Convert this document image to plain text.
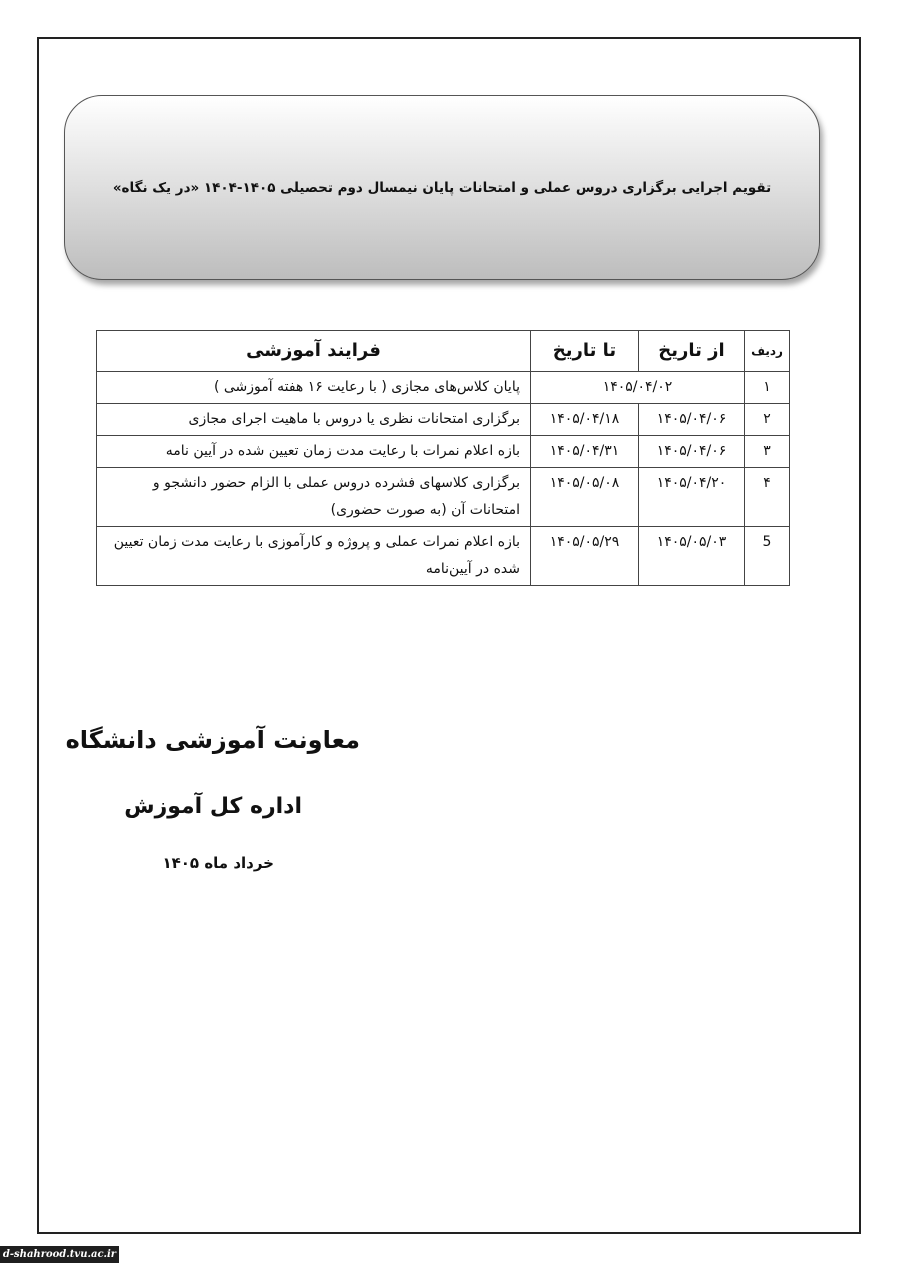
تقویم اجرایی برگزاری دروس عملی و امتحانات پایان نیمسال دوم تحصیلی ۱۴۰۵-۱۴۰۴ «در یک نگاه»
ردیف	از تاریخ	تا تاریخ	فرایند آموزشی
۱	۱۴۰۵/۰۴/۰۲		پایان کلاس‌های مجازی ( با رعایت ۱۶ هفته آموزشی )
۲	۱۴۰۵/۰۴/۰۶	۱۴۰۵/۰۴/۱۸	برگزاری امتحانات نظری یا دروس با ماهیت اجرای مجازی
۳	۱۴۰۵/۰۴/۰۶	۱۴۰۵/۰۴/۳۱	بازه اعلام نمرات با رعایت مدت زمان تعیین شده در آیین نامه
۴	۱۴۰۵/۰۴/۲۰	۱۴۰۵/۰۵/۰۸	برگزاری کلاسهای فشرده دروس عملی با الزام حضور دانشجو و امتحانات آن (به صورت حضوری)
5	۱۴۰۵/۰۵/۰۳	۱۴۰۵/۰۵/۲۹	بازه اعلام نمرات عملی و پروژه و کارآموزی با رعایت مدت زمان تعیین شده در آیین‌نامه
معاونت آموزشی دانشگاه
اداره کل آموزش
خرداد ماه ۱۴۰۵
d-shahrood.tvu.ac.ir
